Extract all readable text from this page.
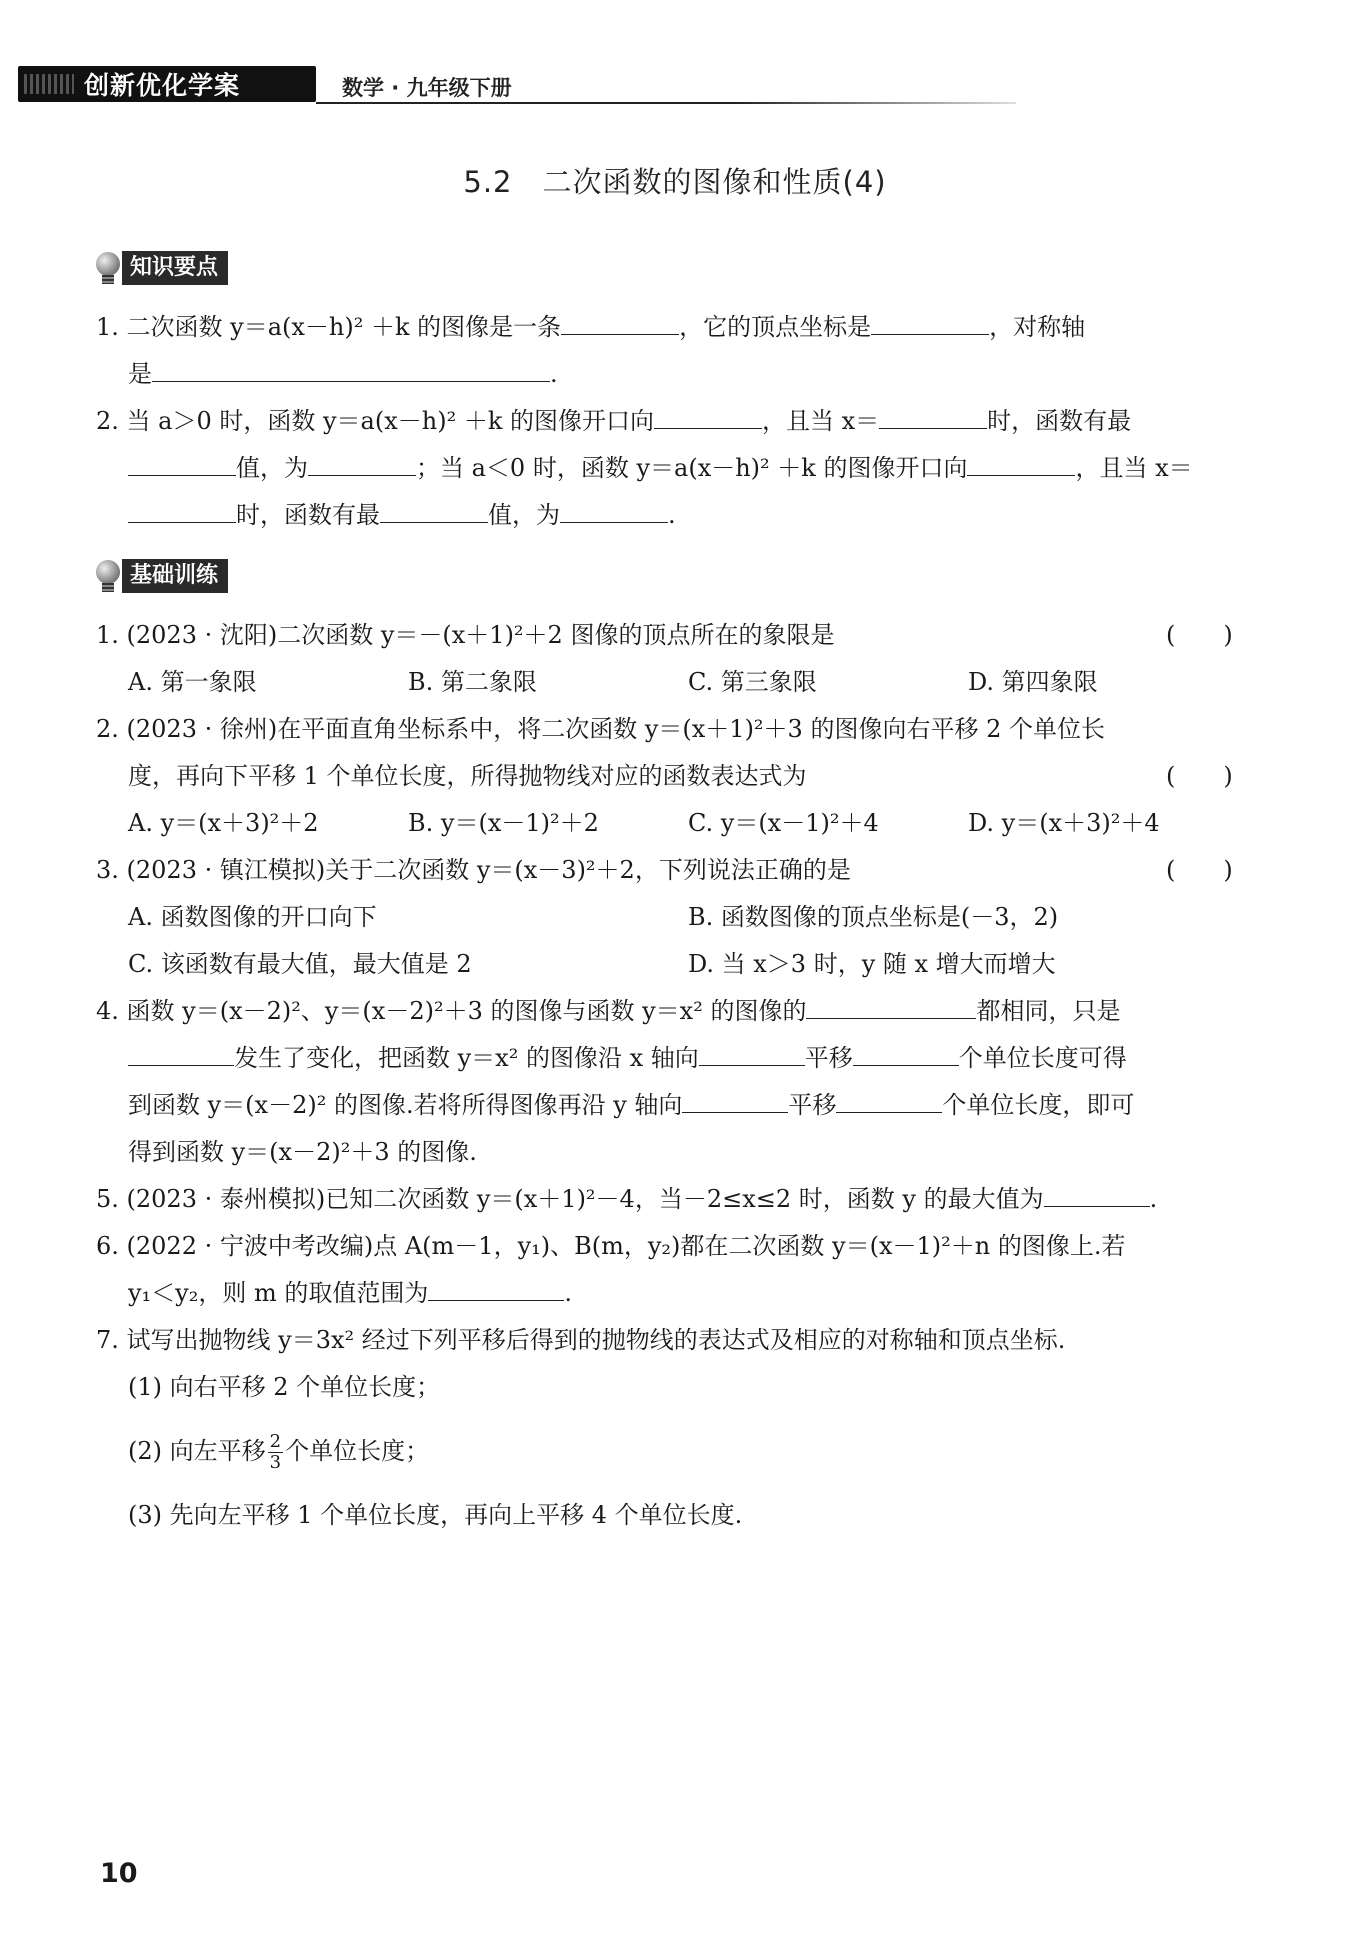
创新优化学案	数学 · 九年级下册
5.2　二次函数的图像和性质(4)
知识要点
1. 二次函数 y＝a(x－h)² ＋k 的图像是一条	，它的顶点坐标是	，对称轴
是	.
2. 当 a＞0 时，函数 y＝a(x－h)² ＋k 的图像开口向	，且当 x＝	时，函数有最
值，为	；当 a＜0 时，函数 y＝a(x－h)² ＋k 的图像开口向	，且当 x＝
时，函数有最	值，为	.
基础训练
1. (2023 · 沈阳)二次函数 y＝－(x＋1)²＋2 图像的顶点所在的象限是	(　　)
A. 第一象限	B. 第二象限	C. 第三象限	D. 第四象限
2. (2023 · 徐州)在平面直角坐标系中，将二次函数 y＝(x＋1)²＋3 的图像向右平移 2 个单位长
度，再向下平移 1 个单位长度，所得抛物线对应的函数表达式为	(　　)
A. y＝(x＋3)²＋2	B. y＝(x－1)²＋2	C. y＝(x－1)²＋4	D. y＝(x＋3)²＋4
3. (2023 · 镇江模拟)关于二次函数 y＝(x－3)²＋2，下列说法正确的是	(　　)
A. 函数图像的开口向下	B. 函数图像的顶点坐标是(－3，2)
C. 该函数有最大值，最大值是 2	D. 当 x＞3 时，y 随 x 增大而增大
4. 函数 y＝(x－2)²、y＝(x－2)²＋3 的图像与函数 y＝x² 的图像的	都相同，只是
发生了变化，把函数 y＝x² 的图像沿 x 轴向	平移	个单位长度可得
到函数 y＝(x－2)² 的图像.若将所得图像再沿 y 轴向	平移	个单位长度，即可
得到函数 y＝(x－2)²＋3 的图像.
5. (2023 · 泰州模拟)已知二次函数 y＝(x＋1)²－4，当－2≤x≤2 时，函数 y 的最大值为	.
6. (2022 · 宁波中考改编)点 A(m－1，y₁)、B(m，y₂)都在二次函数 y＝(x－1)²＋n 的图像上.若
y₁＜y₂，则 m 的取值范围为	.
7. 试写出抛物线 y＝3x² 经过下列平移后得到的抛物线的表达式及相应的对称轴和顶点坐标.
(1) 向右平移 2 个单位长度；
(2) 向左平移 $\frac{2}{3}$ 个单位长度；
(3) 先向左平移 1 个单位长度，再向上平移 4 个单位长度.
10
